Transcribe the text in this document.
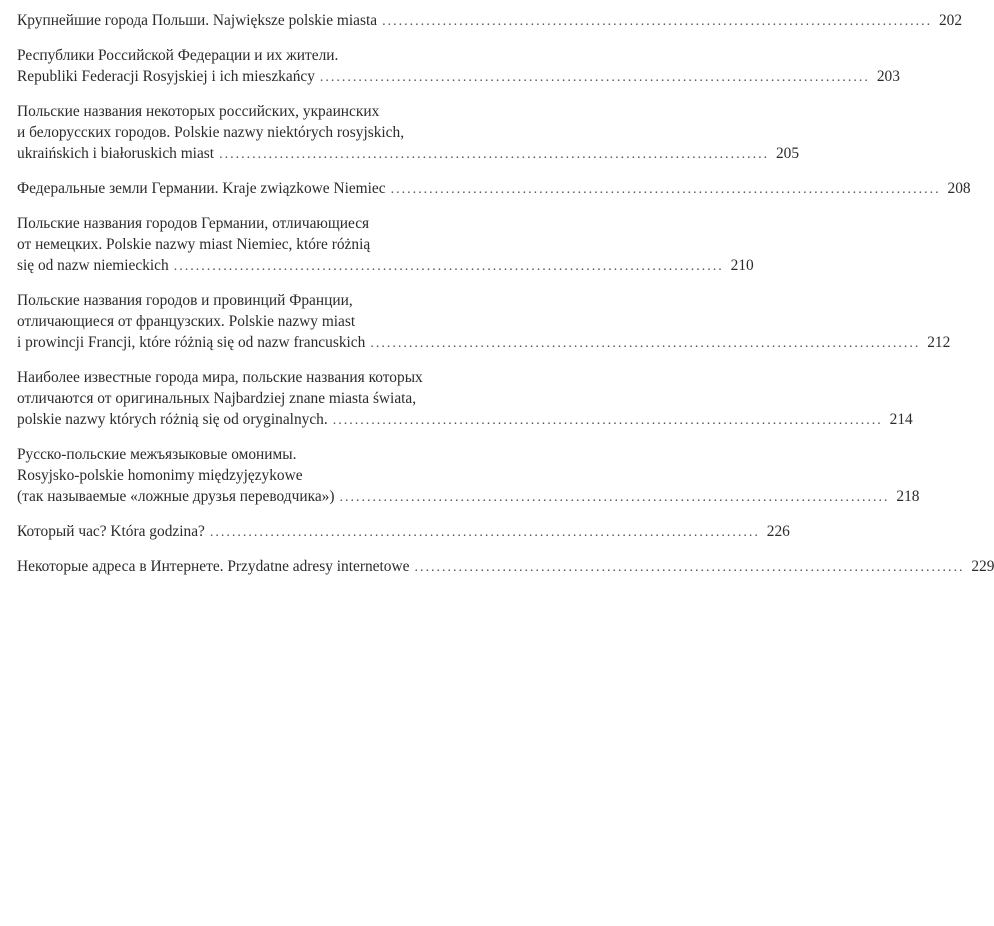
Крупнейшие города Польши. Największe polskie miasta .................................................................................................... 202
Республики Российской Федерации и их жители.
Republiki Federacji Rosyjskiej i ich mieszkańcy .................................................................................................... 203
Польские названия некоторых российских, украинских
и белорусских городов. Polskie nazwy niektórych rosyjskich,
ukraińskich i białoruskich miast .................................................................................................... 205
Федеральные земли Германии. Kraje związkowe Niemiec .................................................................................................... 208
Польские названия городов Германии, отличающиеся
от немецких. Polskie nazwy miast Niemiec, które różnią
się od nazw niemieckich .................................................................................................... 210
Польские названия городов и провинций Франции,
отличающиеся от французских. Polskie nazwy miast
i prowincji Francji, które różnią się od nazw francuskich .................................................................................................... 212
Наиболее известные города мира, польские названия которых
отличаются от оригинальных Najbardziej znane miasta świata,
polskie nazwy których różnią się od oryginalnych. .................................................................................................... 214
Русско-польские межъязыковые омонимы.
Rosyjsko-polskie homonimy międzyjęzykowe
(так называемые «ложные друзья переводчика») .................................................................................................... 218
Который час? Która godzina? .................................................................................................... 226
Некоторые адреса в Интернете. Przydatne adresy internetowe .................................................................................................... 229
